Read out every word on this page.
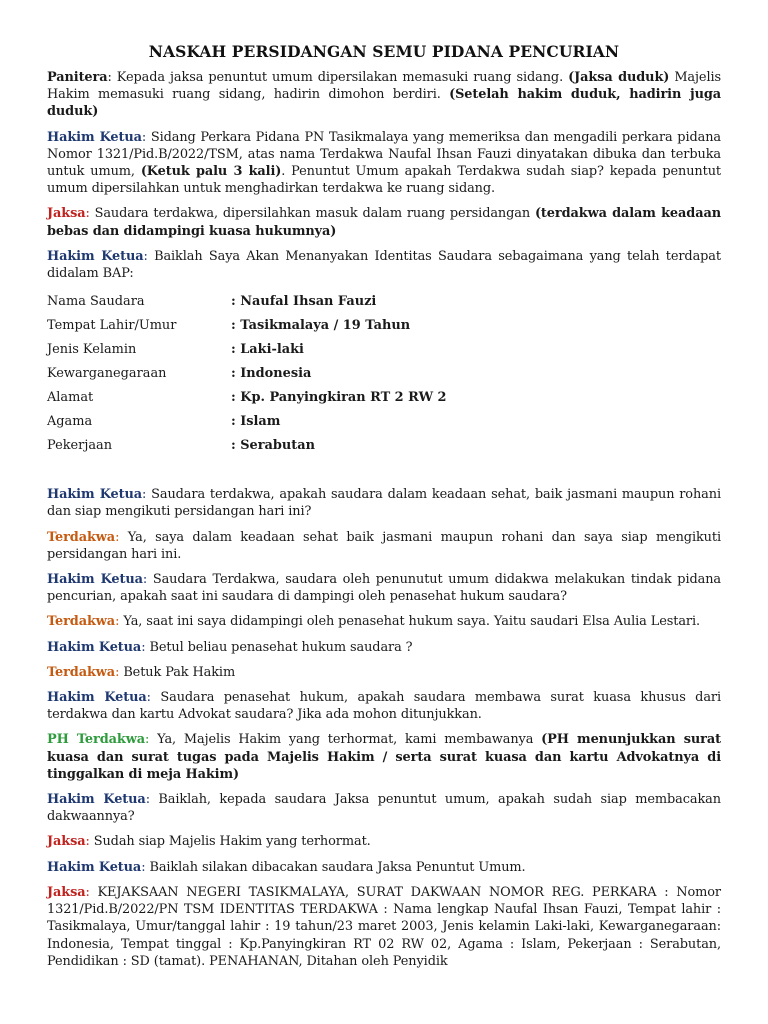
NASKAH PERSIDANGAN SEMU PIDANA PENCURIAN

Panitera: Kepada jaksa penuntut umum dipersilakan memasuki ruang sidang. (Jaksa duduk) Majelis Hakim memasuki ruang sidang, hadirin dimohon berdiri. (Setelah hakim duduk, hadirin juga duduk)

Hakim Ketua: Sidang Perkara Pidana PN Tasikmalaya yang memeriksa dan mengadili perkara pidana Nomor 1321/Pid.B/2022/TSM, atas nama Terdakwa Naufal Ihsan Fauzi dinyatakan dibuka dan terbuka untuk umum, (Ketuk palu 3 kali). Penuntut Umum apakah Terdakwa sudah siap? kepada penuntut umum dipersilahkan untuk menghadirkan terdakwa ke ruang sidang.

Jaksa: Saudara terdakwa, dipersilahkan masuk dalam ruang persidangan (terdakwa dalam keadaan bebas dan didampingi kuasa hukumnya)

Hakim Ketua: Baiklah Saya Akan Menanyakan Identitas Saudara sebagaimana yang telah terdapat didalam BAP:

Nama Saudara	: Naufal Ihsan Fauzi
Tempat Lahir/Umur	: Tasikmalaya / 19 Tahun
Jenis Kelamin	: Laki-laki
Kewarganegaraan	: Indonesia
Alamat	: Kp. Panyingkiran RT 2 RW 2
Agama	: Islam
Pekerjaan	: Serabutan

Hakim Ketua: Saudara terdakwa, apakah saudara dalam keadaan sehat, baik jasmani maupun rohani dan siap mengikuti persidangan hari ini?

Terdakwa: Ya, saya dalam keadaan sehat baik jasmani maupun rohani dan saya siap mengikuti persidangan hari ini.

Hakim Ketua: Saudara Terdakwa, saudara oleh penunutut umum didakwa melakukan tindak pidana pencurian, apakah saat ini saudara di dampingi oleh penasehat hukum saudara?

Terdakwa: Ya, saat ini saya didampingi oleh penasehat hukum saya. Yaitu saudari Elsa Aulia Lestari.

Hakim Ketua: Betul beliau penasehat hukum saudara ?

Terdakwa: Betuk Pak Hakim

Hakim Ketua: Saudara penasehat hukum, apakah saudara membawa surat kuasa khusus dari terdakwa dan kartu Advokat saudara? Jika ada mohon ditunjukkan.

PH Terdakwa: Ya, Majelis Hakim yang terhormat, kami membawanya (PH menunjukkan surat kuasa dan surat tugas pada Majelis Hakim / serta surat kuasa dan kartu Advokatnya di tinggalkan di meja Hakim)

Hakim Ketua: Baiklah, kepada saudara Jaksa penuntut umum, apakah sudah siap membacakan dakwaannya?

Jaksa: Sudah siap Majelis Hakim yang terhormat.

Hakim Ketua: Baiklah silakan dibacakan saudara Jaksa Penuntut Umum.

Jaksa: KEJAKSAAN NEGERI TASIKMALAYA, SURAT DAKWAAN NOMOR REG. PERKARA : Nomor 1321/Pid.B/2022/PN TSM IDENTITAS TERDAKWA : Nama lengkap Naufal Ihsan Fauzi, Tempat lahir : Tasikmalaya, Umur/tanggal lahir : 19 tahun/23 maret 2003, Jenis kelamin Laki-laki, Kewarganegaraan: Indonesia, Tempat tinggal : Kp.Panyingkiran RT 02 RW 02, Agama : Islam, Pekerjaan : Serabutan, Pendidikan : SD (tamat). PENAHANAN, Ditahan oleh Penyidik
